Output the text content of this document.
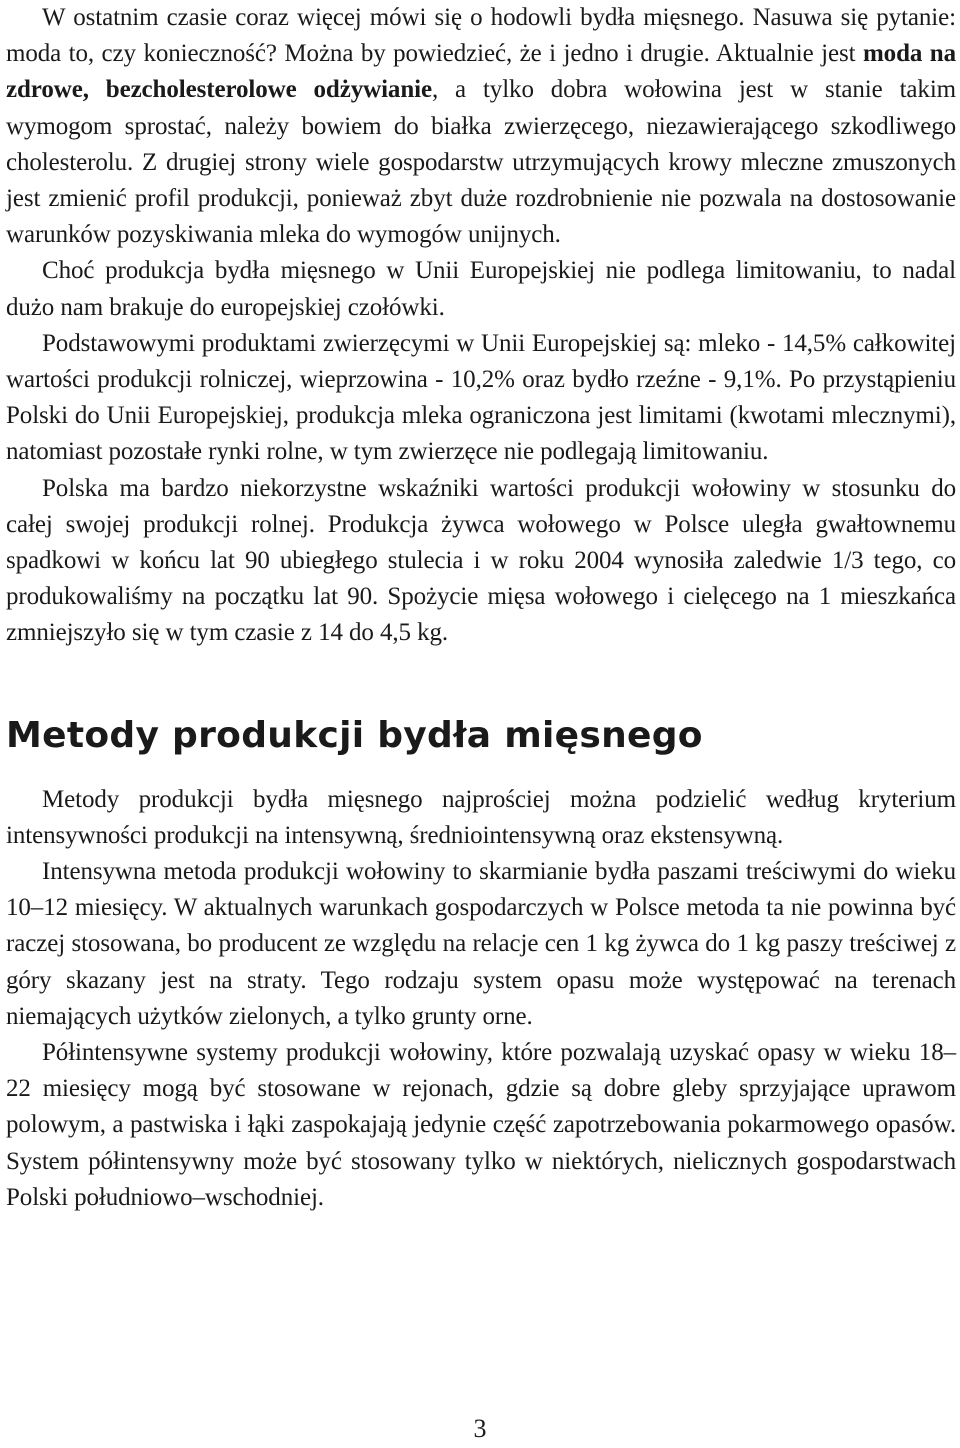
W ostatnim czasie coraz więcej mówi się o hodowli bydła mięsnego. Nasuwa się pytanie: moda to, czy konieczność? Można by powiedzieć, że i jedno i drugie. Aktualnie jest moda na zdrowe, bezcholesterolowe odżywianie, a tylko dobra wołowina jest w stanie takim wymogom sprostać, należy bowiem do białka zwierzęcego, niezawierającego szkodliwego cholesterolu. Z drugiej strony wiele gospodarstw utrzymujących krowy mleczne zmuszonych jest zmienić profil produkcji, ponieważ zbyt duże rozdrobnienie nie pozwala na dostosowanie warunków pozyskiwania mleka do wymogów unijnych.

Choć produkcja bydła mięsnego w Unii Europejskiej nie podlega limitowaniu, to nadal dużo nam brakuje do europejskiej czołówki.

Podstawowymi produktami zwierzęcymi w Unii Europejskiej są: mleko - 14,5% całkowitej wartości produkcji rolniczej, wieprzowina - 10,2% oraz bydło rzeźne - 9,1%. Po przystąpieniu Polski do Unii Europejskiej, produkcja mleka ograniczona jest limitami (kwotami mlecznymi), natomiast pozostałe rynki rolne, w tym zwierzęce nie podlegają limitowaniu.

Polska ma bardzo niekorzystne wskaźniki wartości produkcji wołowiny w stosunku do całej swojej produkcji rolnej. Produkcja żywca wołowego w Polsce uległa gwałtownemu spadkowi w końcu lat 90 ubiegłego stulecia i w roku 2004 wynosiła zaledwie 1/3 tego, co produkowaliśmy na początku lat 90. Spożycie mięsa wołowego i cielęcego na 1 mieszkańca zmniejszyło się w tym czasie z 14 do 4,5 kg.

Metody produkcji bydła mięsnego

Metody produkcji bydła mięsnego najprościej można podzielić według kryterium intensywności produkcji na intensywną, średniointensywną oraz ekstensywną.

Intensywna metoda produkcji wołowiny to skarmianie bydła paszami treściwymi do wieku 10–12 miesięcy. W aktualnych warunkach gospodarczych w Polsce metoda ta nie powinna być raczej stosowana, bo producent ze względu na relacje cen 1 kg żywca do 1 kg paszy treściwej z góry skazany jest na straty. Tego rodzaju system opasu może występować na terenach niemających użytków zielonych, a tylko grunty orne.

Półintensywne systemy produkcji wołowiny, które pozwalają uzyskać opasy w wieku 18–22 miesięcy mogą być stosowane w rejonach, gdzie są dobre gleby sprzyjające uprawom polowym, a pastwiska i łąki zaspokajają jedynie część zapotrzebowania pokarmowego opasów. System półintensywny może być stosowany tylko w niektórych, nielicznych gospodarstwach Polski południowo–wschodniej.

3
